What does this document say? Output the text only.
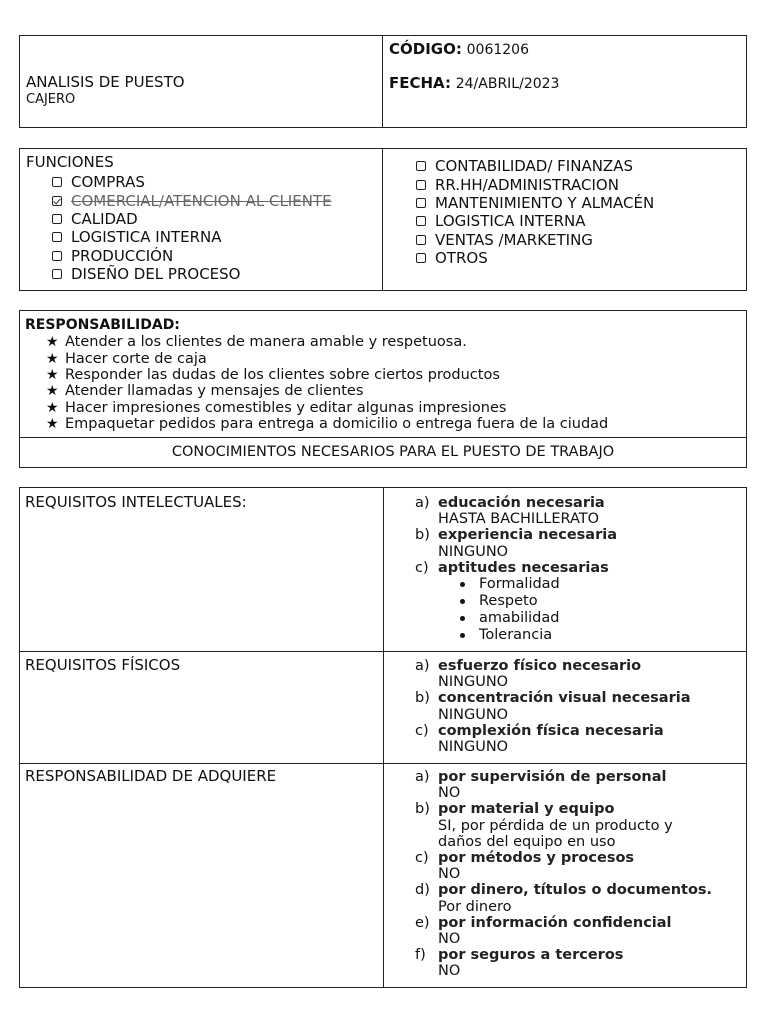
ANALISIS DE PUESTO
CAJERO
CÓDIGO: 0061206
FECHA: 24/ABRIL/2023
FUNCIONES
COMPRAS
COMERCIAL/ATENCION AL CLIENTE
CALIDAD
LOGISTICA INTERNA
PRODUCCIÓN
DISEÑO DEL PROCESO
CONTABILIDAD/ FINANZAS
RR.HH/ADMINISTRACION
MANTENIMIENTO Y ALMACÉN
LOGISTICA INTERNA
VENTAS /MARKETING
OTROS
RESPONSABILIDAD:
★ Atender a los clientes de manera amable y respetuosa.
★ Hacer corte de caja
★ Responder las dudas de los clientes sobre ciertos productos
★ Atender llamadas y mensajes de clientes
★ Hacer impresiones comestibles y editar algunas impresiones
★ Empaquetar pedidos para entrega a domicilio o entrega fuera de la ciudad
CONOCIMIENTOS NECESARIOS PARA EL PUESTO DE TRABAJO
REQUISITOS INTELECTUALES:
REQUISITOS FÍSICOS
RESPONSABILIDAD DE ADQUIERE
a) educación necesaria
HASTA BACHILLERATO
b) experiencia necesaria
NINGUNO
c) aptitudes necesarias
Formalidad
Respeto
amabilidad
Tolerancia
a) esfuerzo físico necesario
NINGUNO
b) concentración visual necesaria
NINGUNO
c) complexión física necesaria
NINGUNO
a) por supervisión de personal
NO
b) por material y equipo
SI, por pérdida de un producto y
daños del equipo en uso
c) por métodos y procesos
NO
d) por dinero, títulos o documentos.
Por dinero
e) por información confidencial
NO
f) por seguros a terceros
NO
